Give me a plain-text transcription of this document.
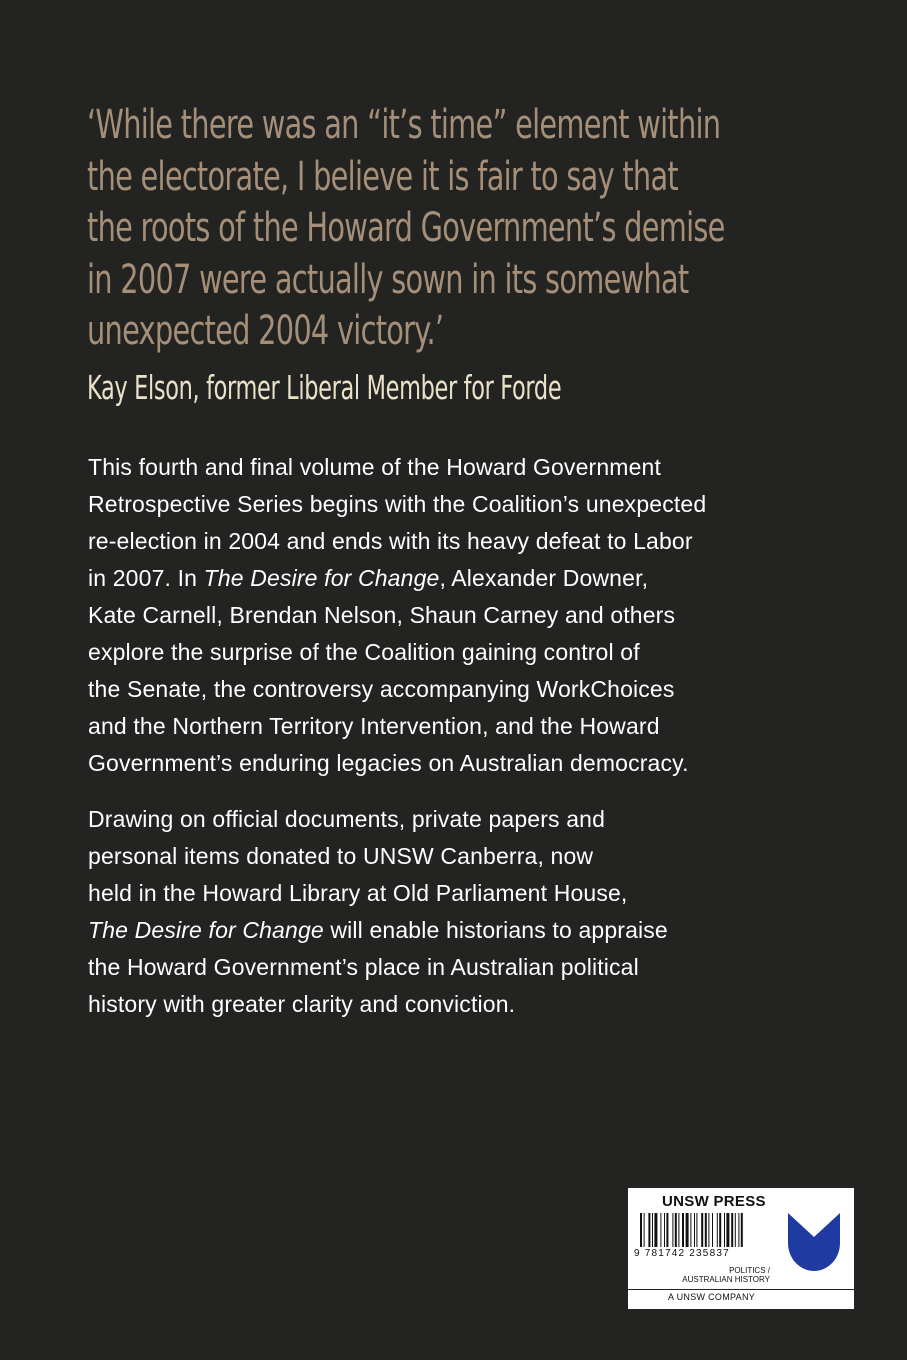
‘While there was an “it’s time” element within
the electorate, I believe it is fair to say that
the roots of the Howard Government’s demise
in 2007 were actually sown in its somewhat
unexpected 2004 victory.’
Kay Elson, former Liberal Member for Forde
This fourth and final volume of the Howard Government
Retrospective Series begins with the Coalition’s unexpected
re-election in 2004 and ends with its heavy defeat to Labor
in 2007. In The Desire for Change, Alexander Downer,
Kate Carnell, Brendan Nelson, Shaun Carney and others
explore the surprise of the Coalition gaining control of
the Senate, the controversy accompanying WorkChoices
and the Northern Territory Intervention, and the Howard
Government’s enduring legacies on Australian democracy.
Drawing on official documents, private papers and
personal items donated to UNSW Canberra, now
held in the Howard Library at Old Parliament House,
The Desire for Change will enable historians to appraise
the Howard Government’s place in Australian political
history with greater clarity and conviction.
UNSW PRESS
9 781742 235837
POLITICS /
AUSTRALIAN HISTORY
A UNSW COMPANY
